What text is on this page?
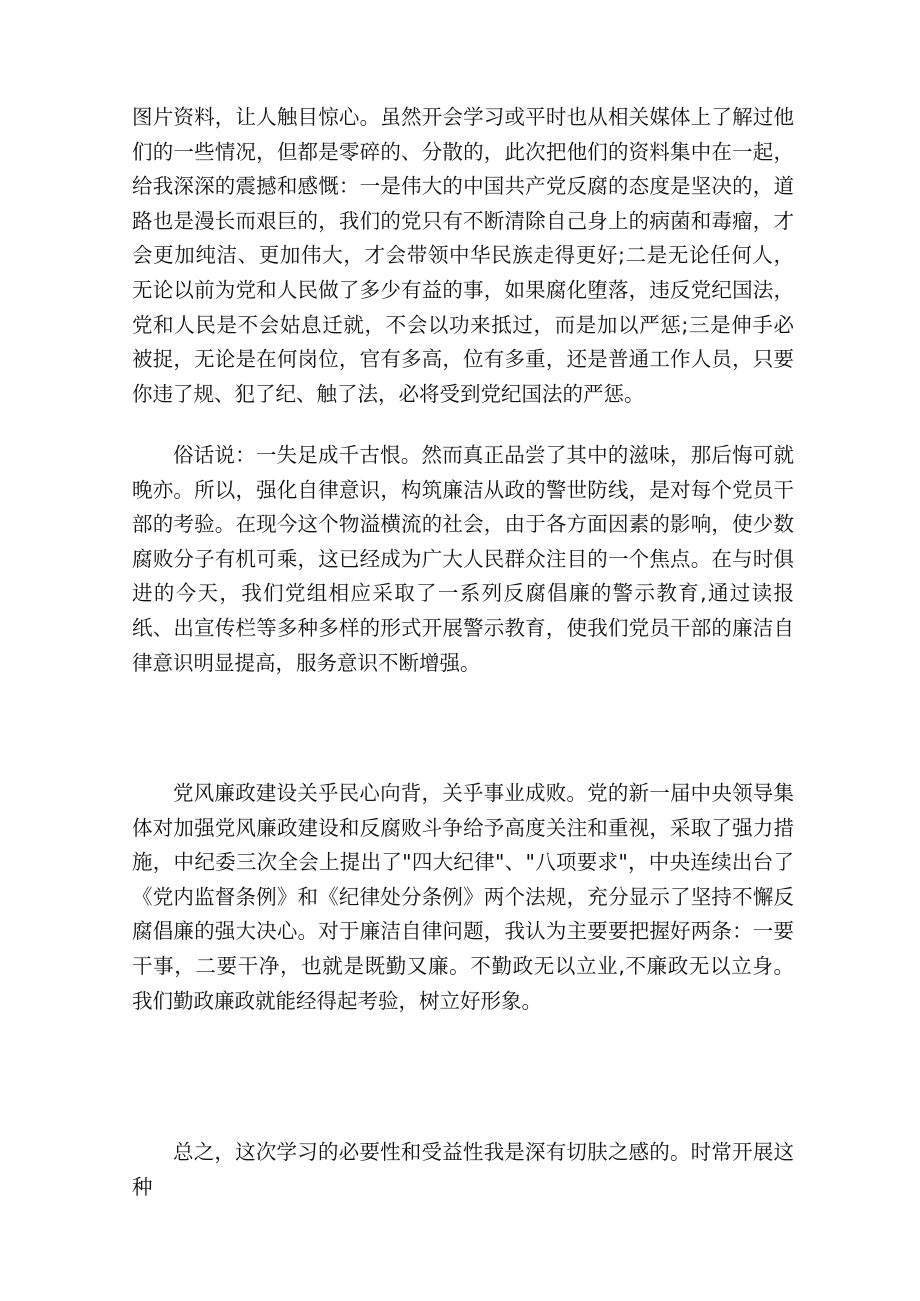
图片资料，让人触目惊心。虽然开会学习或平时也从相关媒体上了解过他们的一些情况，但都是零碎的、分散的，此次把他们的资料集中在一起，给我深深的震撼和感慨：一是伟大的中国共产党反腐的态度是坚决的，道路也是漫长而艰巨的，我们的党只有不断清除自己身上的病菌和毒瘤，才会更加纯洁、更加伟大，才会带领中华民族走得更好;二是无论任何人，无论以前为党和人民做了多少有益的事，如果腐化堕落，违反党纪国法，党和人民是不会姑息迁就，不会以功来抵过，而是加以严惩;三是伸手必被捉，无论是在何岗位，官有多高，位有多重，还是普通工作人员，只要你违了规、犯了纪、触了法，必将受到党纪国法的严惩。

俗话说：一失足成千古恨。然而真正品尝了其中的滋味，那后悔可就晚亦。所以，强化自律意识，构筑廉洁从政的警世防线，是对每个党员干部的考验。在现今这个物溢横流的社会，由于各方面因素的影响，使少数腐败分子有机可乘，这已经成为广大人民群众注目的一个焦点。在与时俱进的今天，我们党组相应采取了一系列反腐倡廉的警示教育,通过读报纸、出宣传栏等多种多样的形式开展警示教育，使我们党员干部的廉洁自律意识明显提高，服务意识不断增强。

党风廉政建设关乎民心向背，关乎事业成败。党的新一届中央领导集体对加强党风廉政建设和反腐败斗争给予高度关注和重视，采取了强力措施，中纪委三次全会上提出了"四大纪律"、"八项要求"，中央连续出台了《党内监督条例》和《纪律处分条例》两个法规，充分显示了坚持不懈反腐倡廉的强大决心。对于廉洁自律问题，我认为主要要把握好两条：一要干事，二要干净，也就是既勤又廉。不勤政无以立业,不廉政无以立身。我们勤政廉政就能经得起考验，树立好形象。

总之，这次学习的必要性和受益性我是深有切肤之感的。时常开展这种
